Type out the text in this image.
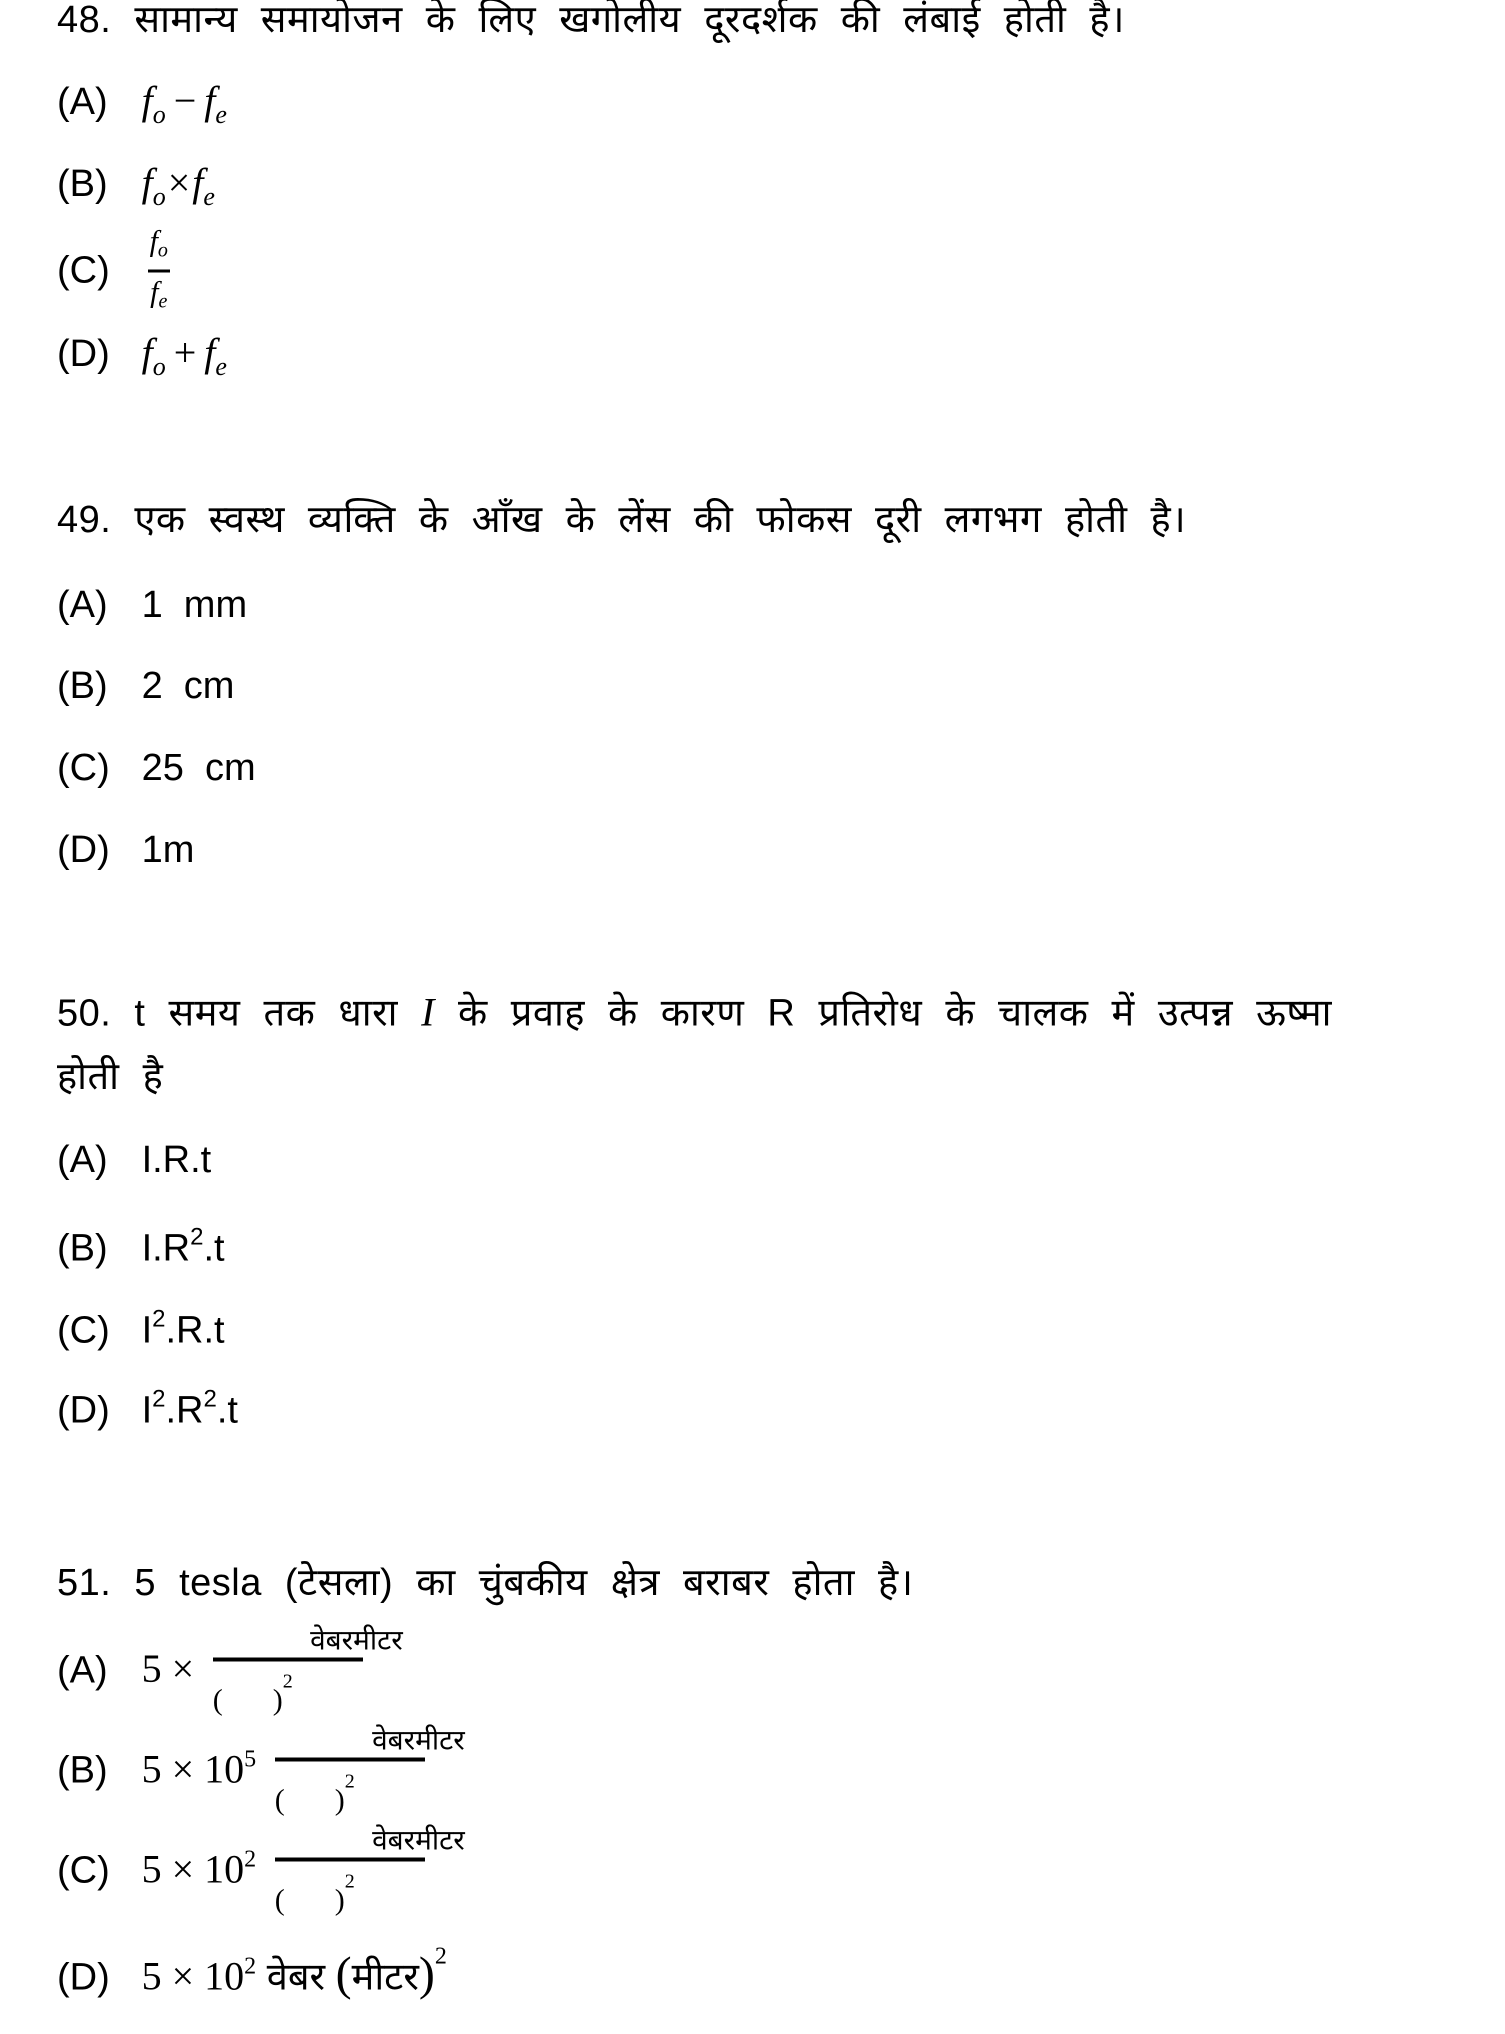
48. सामान्य समायोजन के लिए खगोलीय दूरदर्शक की लंबाई होती है।
(A) $f_o - f_e$
(B) $f_o\times f_e$
$(C) \frac{f_o}{f_e}$
(D) $f_o + f_e$
49. एक स्वस्थ व्यक्ति के आँख के लेंस की फोकस दूरी लगभग होती है।
(A) 1  mm
(B) 2  cm
(C) 25  cm
(D) 1m
50. t समय तक धारा I के प्रवाह के कारण R प्रतिरोध के चालक में उत्पन्न ऊष्मा
होती है
(A) I.R.t
(B) $I.R^2.t$
(C) $I^2.R.t$
(D) $I^2.R^2.t$
51. 5 tesla (टेसला) का चुंबकीय क्षेत्र बराबर होता है।
(A) $5 \times \frac{\text{वेबरमीटर}}{( )^2}$
(B) $5 \times 10^5 \frac{\text{वेबरमीटर}}{( )^2}$
(C) $5 \times 10^2 \frac{\text{वेबरमीटर}}{( )^2}$
(D) $5 \times 10^2$ वेबर (मीटर)$^2$
